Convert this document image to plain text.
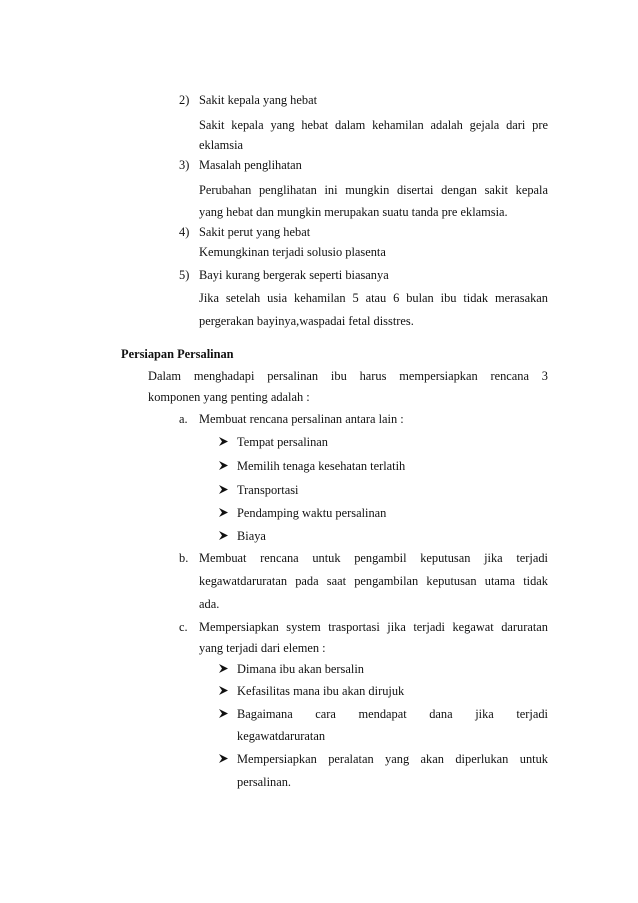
2) Sakit kepala yang hebat
Sakit kepala yang hebat dalam kehamilan adalah gejala dari pre
eklamsia
3) Masalah penglihatan
Perubahan penglihatan ini mungkin disertai dengan sakit kepala
yang hebat dan mungkin merupakan suatu tanda pre eklamsia.
4) Sakit perut yang hebat
Kemungkinan terjadi solusio plasenta
5) Bayi kurang bergerak seperti biasanya
Jika setelah usia kehamilan 5 atau 6 bulan ibu tidak merasakan
pergerakan bayinya,waspadai fetal disstres.
Persiapan Persalinan
Dalam menghadapi persalinan ibu harus mempersiapkan rencana 3
komponen yang penting adalah :
a. Membuat rencana persalinan antara lain :
Tempat persalinan
Memilih tenaga kesehatan terlatih
Transportasi
Pendamping waktu persalinan
Biaya
b. Membuat rencana untuk pengambil keputusan jika terjadi
kegawatdaruratan pada saat pengambilan keputusan utama tidak
ada.
c. Mempersiapkan system trasportasi jika terjadi kegawat daruratan
yang terjadi dari elemen :
Dimana ibu akan bersalin
Kefasilitas mana ibu akan dirujuk
Bagaimana cara mendapat dana jika terjadi
kegawatdaruratan
Mempersiapkan peralatan yang akan diperlukan untuk
persalinan.
